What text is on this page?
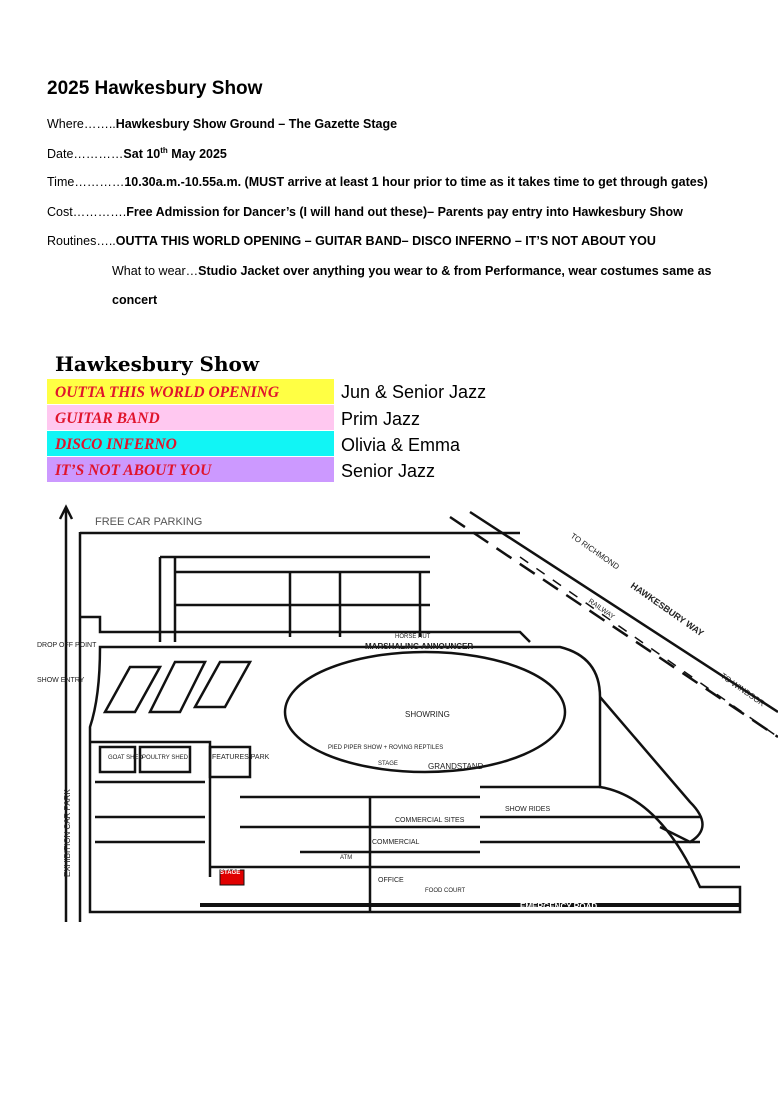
2025 Hawkesbury Show
Where……..Hawkesbury Show Ground – The Gazette Stage
Date…………Sat 10th May 2025
Time…………10.30a.m.-10.55a.m. (MUST arrive at least 1 hour prior to time as it takes time to get through gates)
Cost………….Free Admission for Dancer’s (I will hand out these)– Parents pay entry into Hawkesbury Show
Routines…..OUTTA THIS WORLD OPENING – GUITAR BAND– DISCO INFERNO – IT’S NOT ABOUT YOU
What to wear…Studio Jacket over anything you wear to & from Performance, wear costumes same as
concert
Hawkesbury Show
OUTTA THIS WORLD OPENING	Jun & Senior Jazz
GUITAR BAND	Prim Jazz
DISCO INFERNO	Olivia & Emma
IT’S NOT ABOUT YOU	Senior Jazz
FREE CAR PARKING
HAWKESBURY WAY
TO RICHMOND
TO WINDSOR
RAILWAY
MARSHALING ANNOUNCER
HORSE HUT
SHOWRING
GRANDSTAND
DROP OFF POINT
SHOW ENTRY
EXHIBITION CAR PARK
FEATURES PARK
GOAT SHED POULTRY SHED
PIED PIPER SHOW + ROVING REPTILES
STAGE
STAGE
COMMERCIAL SITES
COMMERCIAL
SHOW RIDES
OFFICE
FOOD COURT
ATM
EMERGENCY ROAD
